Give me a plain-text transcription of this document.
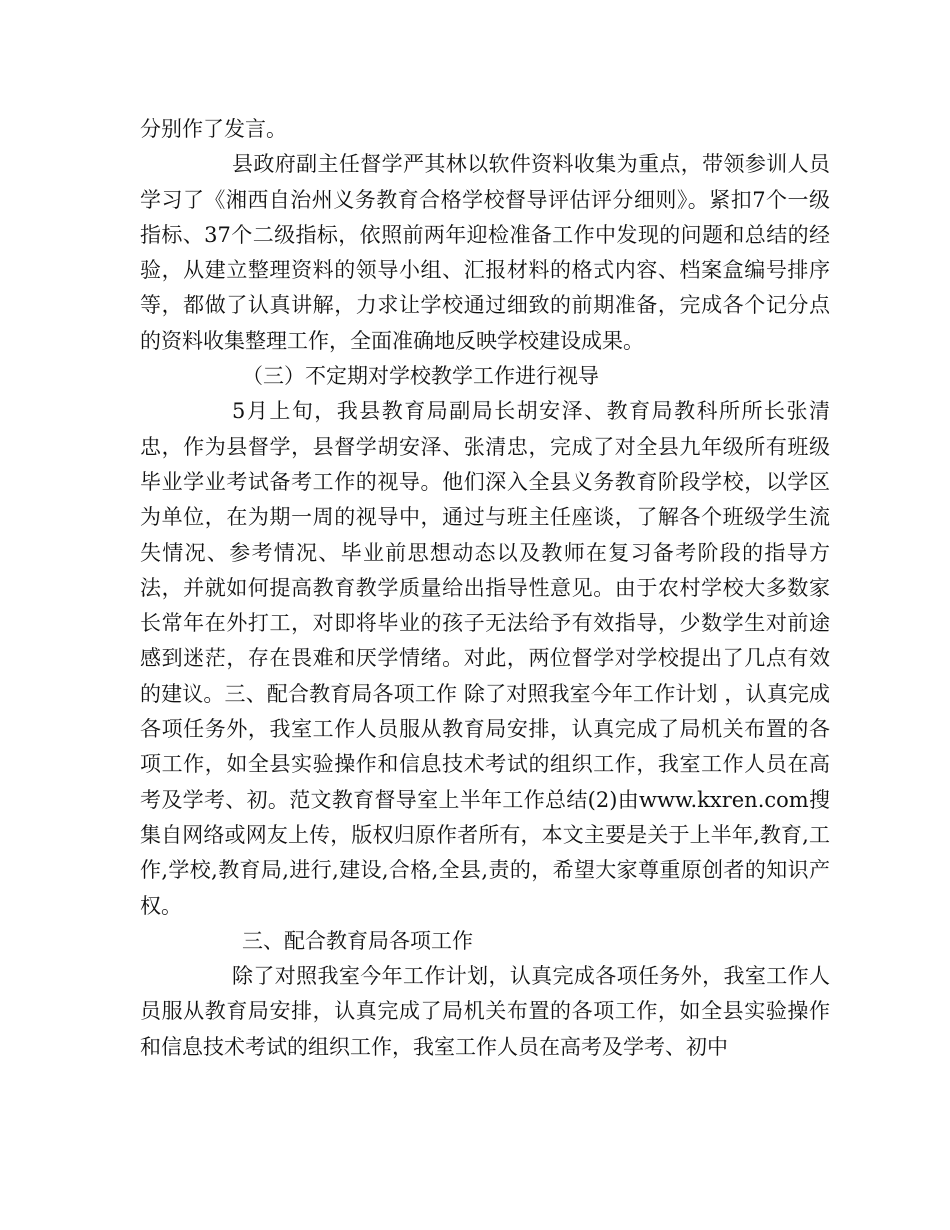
分别作了发言。

县政府副主任督学严其林以软件资料收集为重点，带领参训人员学习了《湘西自治州义务教育合格学校督导评估评分细则》。紧扣7个一级指标、37个二级指标，依照前两年迎检准备工作中发现的问题和总结的经验，从建立整理资料的领导小组、汇报材料的格式内容、档案盒编号排序等，都做了认真讲解，力求让学校通过细致的前期准备，完成各个记分点的资料收集整理工作，全面准确地反映学校建设成果。

（三）不定期对学校教学工作进行视导

5月上旬，我县教育局副局长胡安泽、教育局教科所所长张清忠，作为县督学，县督学胡安泽、张清忠，完成了对全县九年级所有班级毕业学业考试备考工作的视导。他们深入全县义务教育阶段学校，以学区为单位，在为期一周的视导中，通过与班主任座谈，了解各个班级学生流失情况、参考情况、毕业前思想动态以及教师在复习备考阶段的指导方法，并就如何提高教育教学质量给出指导性意见。由于农村学校大多数家长常年在外打工，对即将毕业的孩子无法给予有效指导，少数学生对前途感到迷茫，存在畏难和厌学情绪。对此，两位督学对学校提出了几点有效的建议。三、配合教育局各项工作 除了对照我室今年工作计划 ，认真完成各项任务外，我室工作人员服从教育局安排，认真完成了局机关布置的各项工作，如全县实验操作和信息技术考试的组织工作，我室工作人员在高考及学考、初。范文教育督导室上半年工作总结(2)由www.kxren.com搜集自网络或网友上传，版权归原作者所有，本文主要是关于上半年,教育,工作,学校,教育局,进行,建设,合格,全县,责的，希望大家尊重原创者的知识产权。

三、配合教育局各项工作

除了对照我室今年工作计划，认真完成各项任务外，我室工作人员服从教育局安排，认真完成了局机关布置的各项工作，如全县实验操作和信息技术考试的组织工作，我室工作人员在高考及学考、初中
